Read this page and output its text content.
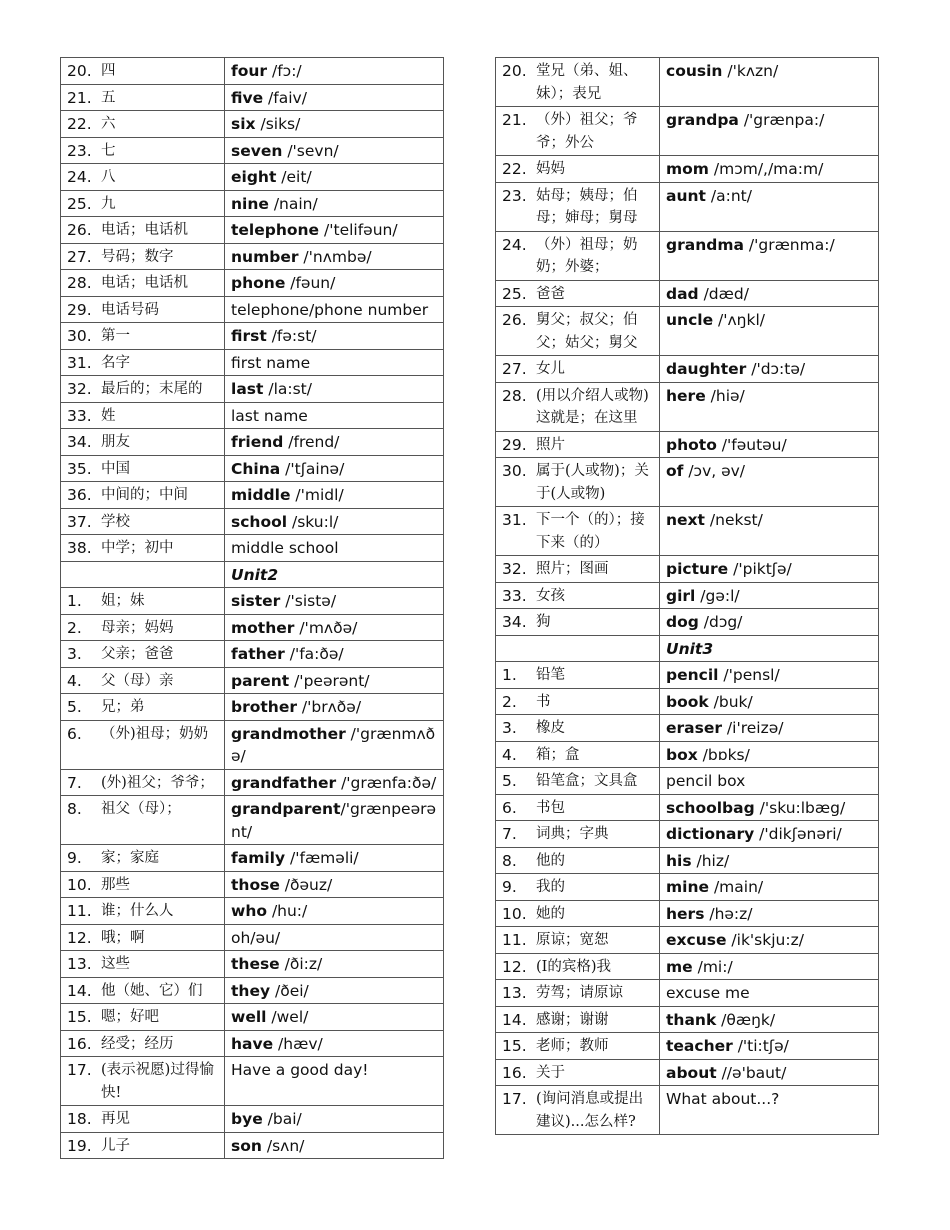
20. 四	four /fɔ:/
21. 五	five /faiv/
22. 六	six /siks/
23. 七	seven /'sevn/
24. 八	eight /eit/
25. 九	nine /nain/
26. 电话；电话机	telephone /'telifəun/
27. 号码；数字	number /'nʌmbə/
28. 电话；电话机	phone /fəun/
29. 电话号码	telephone/phone number
30. 第一	first /fə:st/
31. 名字	first name
32. 最后的；末尾的	last /la:st/
33. 姓	last name
34. 朋友	friend /frend/
35. 中国	China /'tʃainə/
36. 中间的；中间	middle /'midl/
37. 学校	school /sku:l/
38. 中学；初中	middle school
	Unit2
1. 姐；妹	sister /'sistə/
2. 母亲；妈妈	mother /'mʌðə/
3. 父亲；爸爸	father /'fa:ðə/
4. 父（母）亲	parent /'peərənt/
5. 兄；弟	brother /'brʌðə/
6. （外)祖母；奶奶	grandmother /'grænmʌðə/
7. (外)祖父；爷爷；	grandfather /'grænfa:ðə/
8. 祖父（母）；	grandparent/'grænpeərənt/
9. 家；家庭	family /'fæməli/
10. 那些	those /ðəuz/
11. 谁；什么人	who /hu:/
12. 哦；啊	oh/əu/
13. 这些	these /ði:z/
14. 他（她、它）们	they /ðei/
15. 嗯；好吧	well /wel/
16. 经受；经历	have /hæv/
17. (表示祝愿)过得愉快!	Have a good day!
18. 再见	bye /bai/
19. 儿子	son /sʌn/
20. 堂兄（弟、姐、妹）；表兄	cousin /'kʌzn/
21. （外）祖父；爷爷；外公	grandpa /'grænpa:/
22. 妈妈	mom /mɔm/,/ma:m/
23. 姑母；姨母；伯母；婶母；舅母	aunt /a:nt/
24. （外）祖母；奶奶；外婆；	grandma /'grænma:/
25. 爸爸	dad /dæd/
26. 舅父；叔父；伯父；姑父；舅父	uncle /'ʌŋkl/
27. 女儿	daughter /'dɔ:tə/
28. (用以介绍人或物)这就是；在这里	here /hiə/
29. 照片	photo /'fəutəu/
30. 属于(人或物)；关于(人或物)	of /ɔv, əv/
31. 下一个（的）；接下来（的）	next /nekst/
32. 照片；图画	picture /'piktʃə/
33. 女孩	girl /gə:l/
34. 狗	dog /dɔg/
	Unit3
1. 铅笔	pencil /'pensl/
2. 书	book /buk/
3. 橡皮	eraser /i'reizə/
4. 箱；盒	box /bɒks/
5. 铅笔盒；文具盒	pencil box
6. 书包	schoolbag /'sku:lbæg/
7. 词典；字典	dictionary /'dikʃənəri/
8. 他的	his /hiz/
9. 我的	mine /main/
10. 她的	hers /hə:z/
11. 原谅；宽恕	excuse /ik'skju:z/
12. (I的宾格)我	me /mi:/
13. 劳驾；请原谅	excuse me
14. 感谢；谢谢	thank /θæŋk/
15. 老师；教师	teacher /'ti:tʃə/
16. 关于	about //ə'baut/
17. (询问消息或提出建议)...怎么样?	What about...?
